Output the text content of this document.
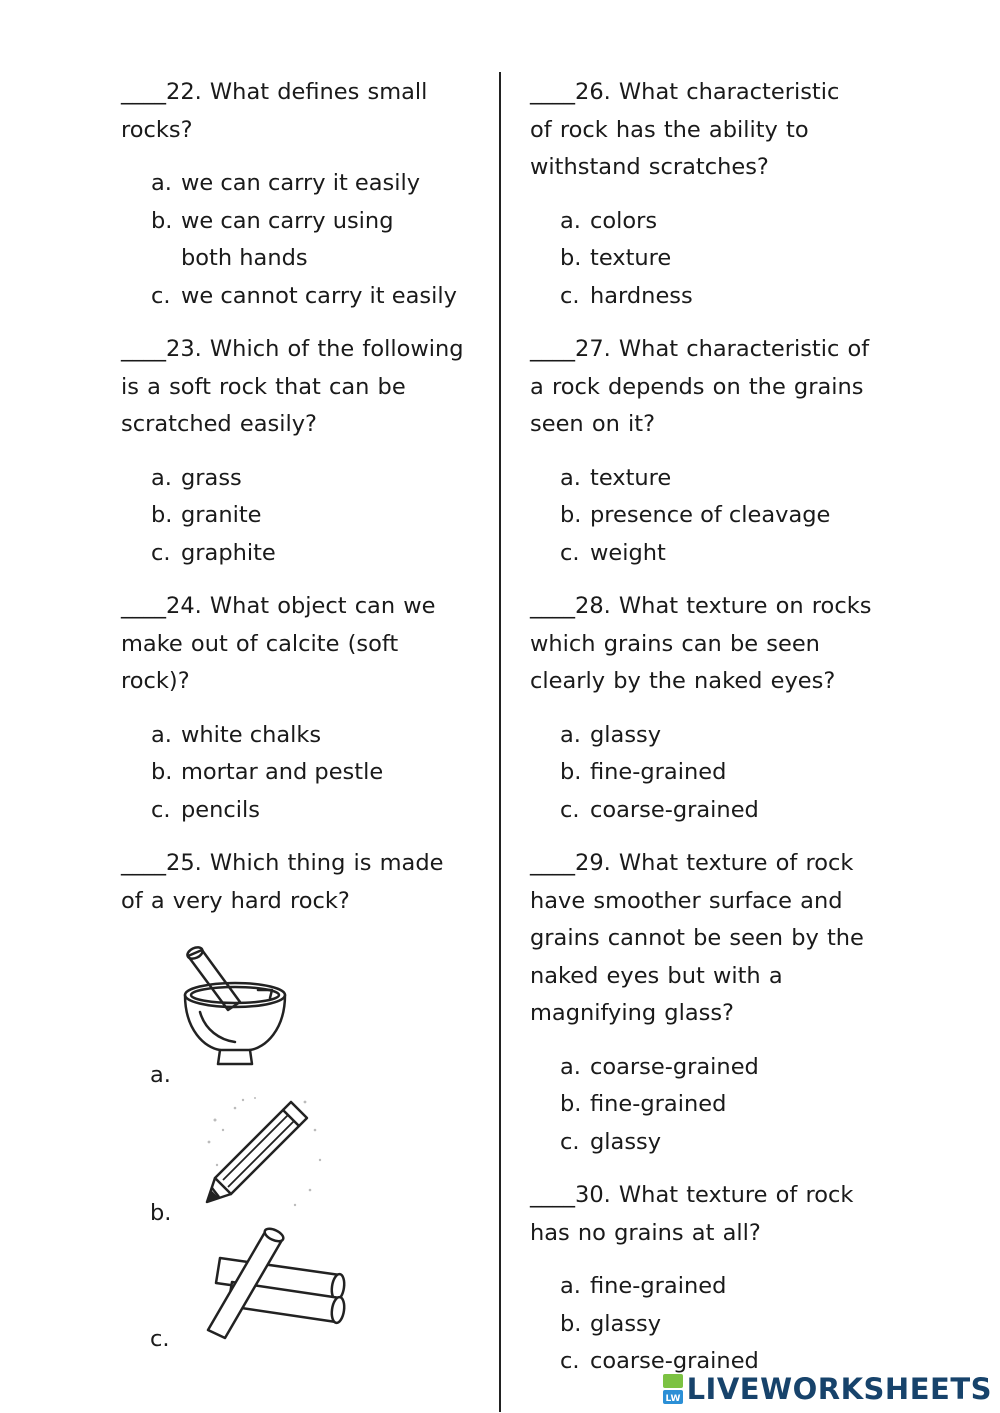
____22. What defines small rocks?

a. we can carry it easily
b. we can carry using both hands
c. we cannot carry it easily

____23. Which of the following is a soft rock that can be scratched easily?

a. grass
b. granite
c. graphite

____24. What object can we make out of calcite (soft rock)?

a. white chalks
b. mortar and pestle
c. pencils

____25. Which thing is made of a very hard rock?

a.
b.
c.

____26. What characteristic of rock has the ability to withstand scratches?

a. colors
b. texture
c. hardness

____27. What characteristic of a rock depends on the grains seen on it?

a. texture
b. presence of cleavage
c. weight

____28. What texture on rocks which grains can be seen clearly by the naked eyes?

a. glassy
b. fine-grained
c. coarse-grained

____29. What texture of rock have smoother surface and grains cannot be seen by the naked eyes but with a magnifying glass?

a. coarse-grained
b. fine-grained
c. glassy

____30. What texture of rock has no grains at all?

a. fine-grained
b. glassy
c. coarse-grained
LW LIVEWORKSHEETS
